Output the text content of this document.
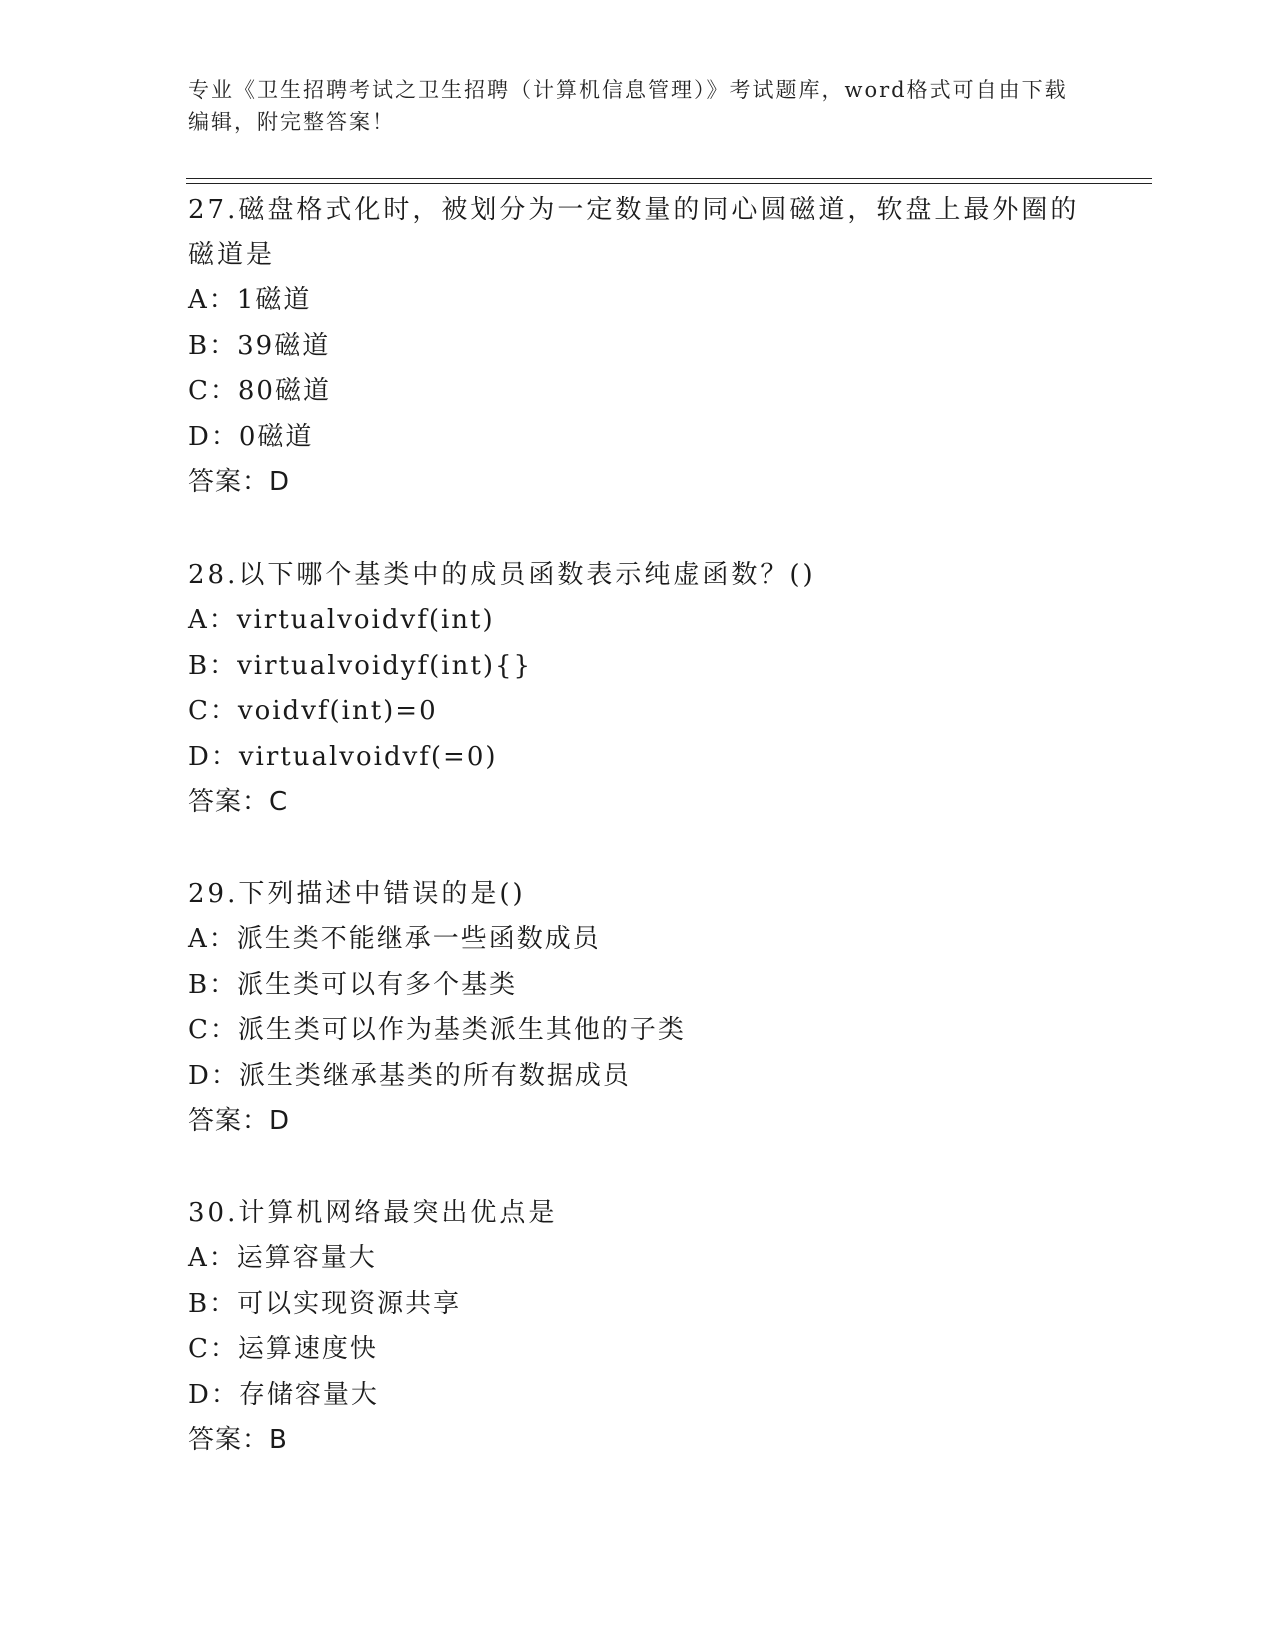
专业《卫生招聘考试之卫生招聘（计算机信息管理）》考试题库，word格式可自由下载编辑，附完整答案！
27.磁盘格式化时，被划分为一定数量的同心圆磁道，软盘上最外圈的磁道是
A：1磁道
B：39磁道
C：80磁道
D：0磁道
答案：D
28.以下哪个基类中的成员函数表示纯虚函数？()
A：virtualvoidvf(int)
B：virtualvoidyf(int){}
C：voidvf(int)=0
D：virtualvoidvf(=0)
答案：C
29.下列描述中错误的是()
A：派生类不能继承一些函数成员
B：派生类可以有多个基类
C：派生类可以作为基类派生其他的子类
D：派生类继承基类的所有数据成员
答案：D
30.计算机网络最突出优点是
A：运算容量大
B：可以实现资源共享
C：运算速度快
D：存储容量大
答案：B
